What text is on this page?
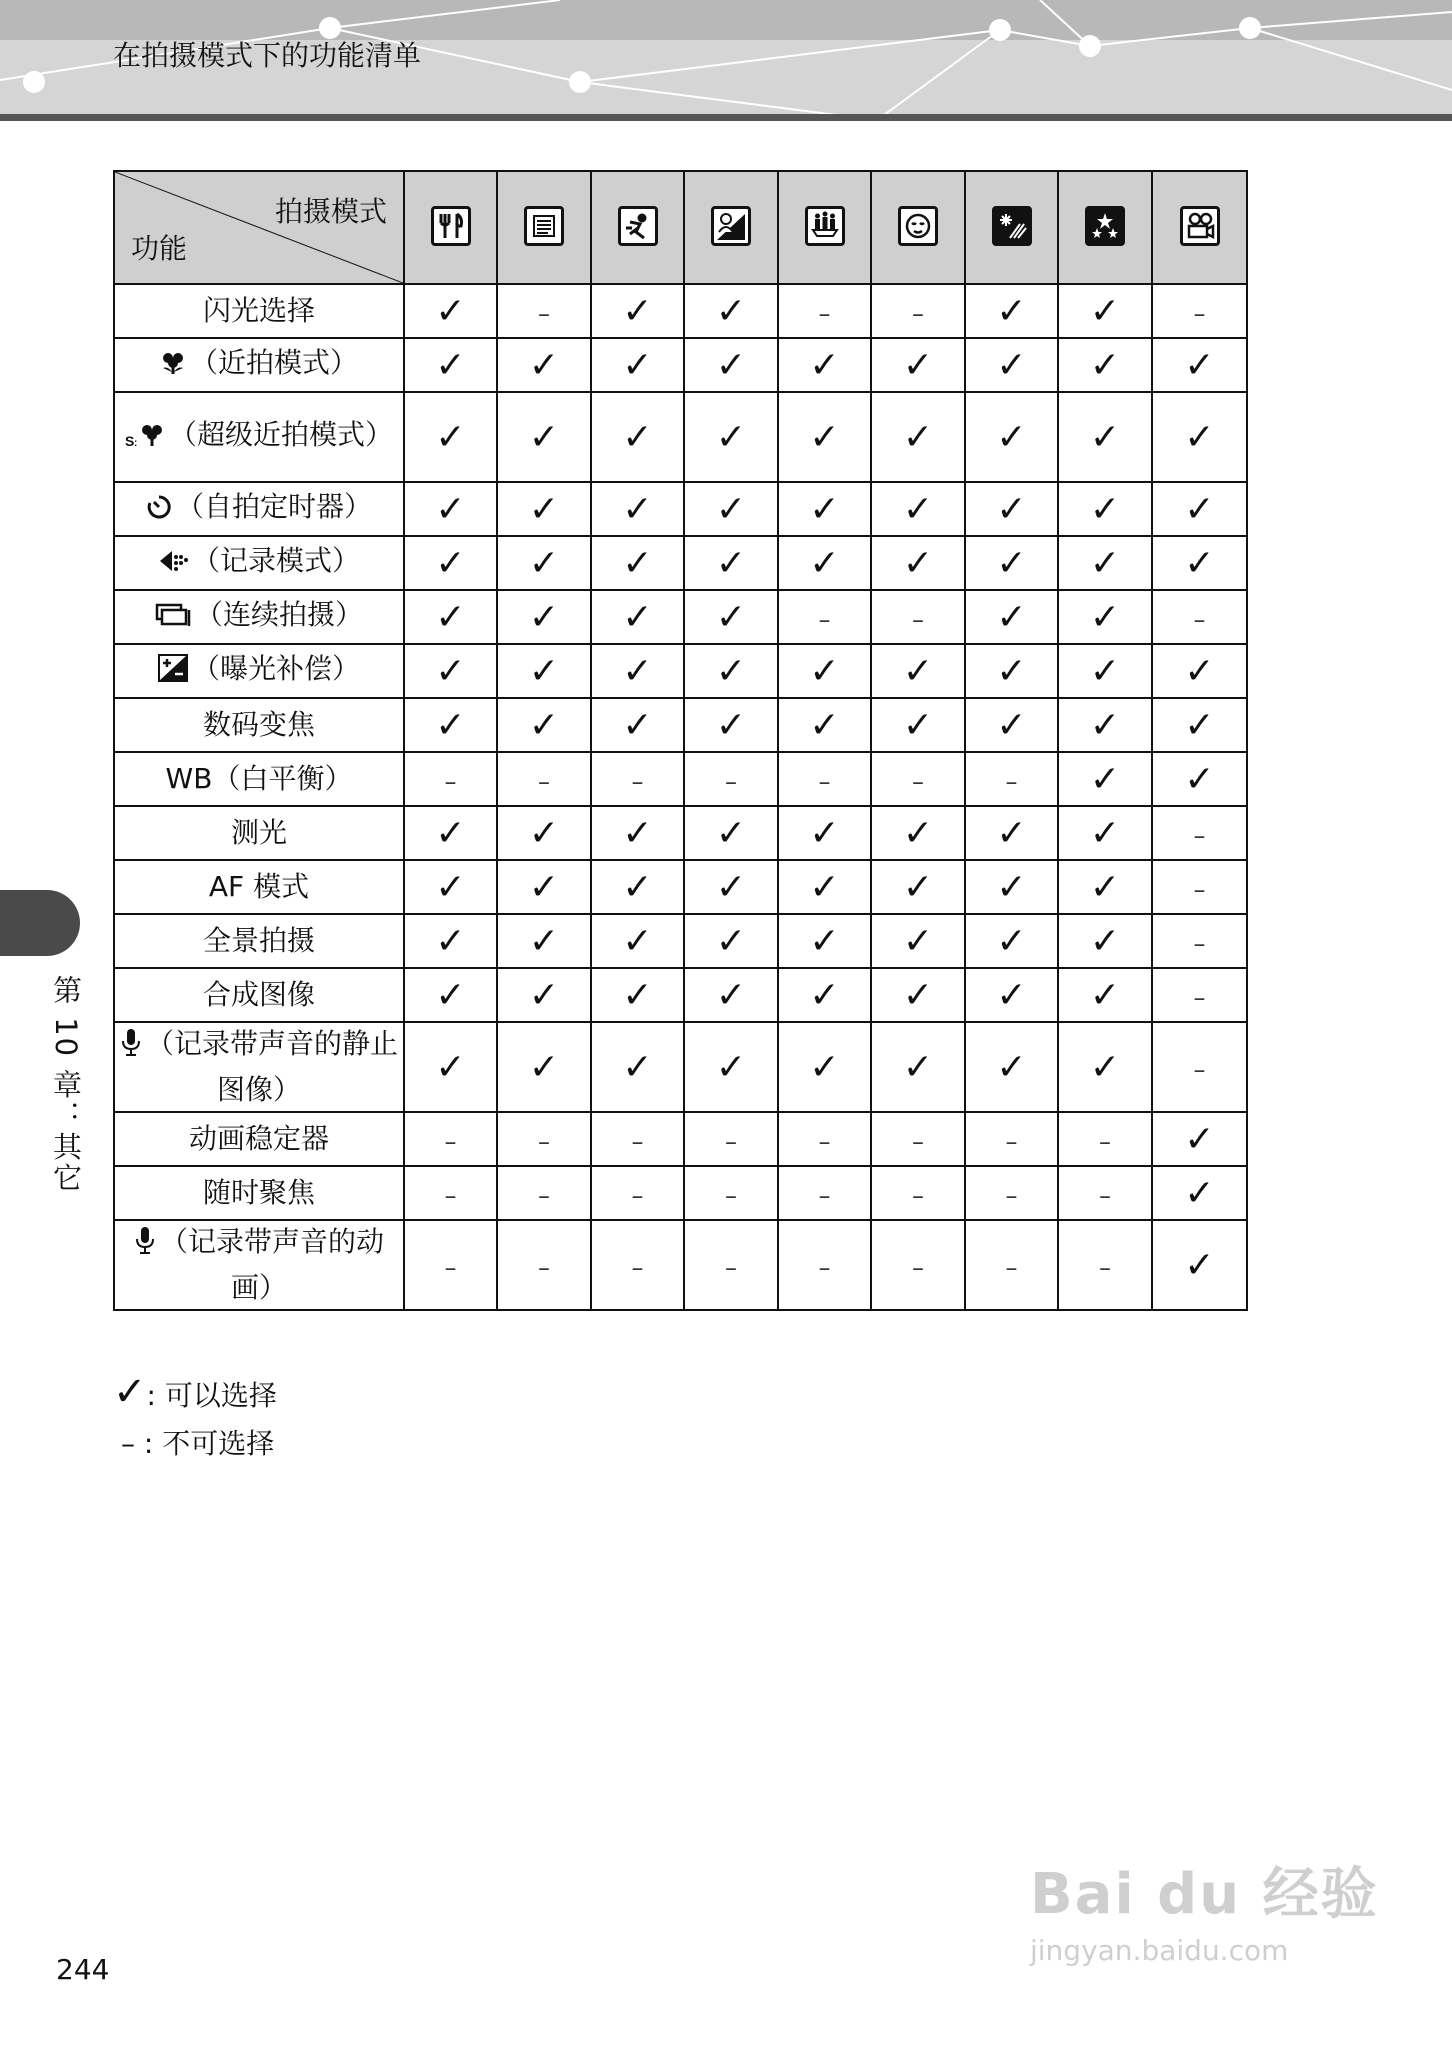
在拍摄模式下的功能清单
第 10 章：其它
拍摄模式
功能

闪光选择	✓	–	✓	✓	–	–	✓	✓	–
（近拍模式）	✓	✓	✓	✓	✓	✓	✓	✓	✓

S : （超级近拍模式）	✓	✓	✓	✓	✓	✓	✓	✓	✓
（自拍定时器）	✓	✓	✓	✓	✓	✓	✓	✓	✓
（记录模式）	✓	✓	✓	✓	✓	✓	✓	✓	✓
（连续拍摄）	✓	✓	✓	✓	–	–	✓	✓	–
（曝光补偿）	✓	✓	✓	✓	✓	✓	✓	✓	✓
数码变焦	✓	✓	✓	✓	✓	✓	✓	✓	✓
WB（白平衡）	–	–	–	–	–	–	–	✓	✓
测光	✓	✓	✓	✓	✓	✓	✓	✓	–
AF 模式	✓	✓	✓	✓	✓	✓	✓	✓	–
全景拍摄	✓	✓	✓	✓	✓	✓	✓	✓	–
合成图像	✓	✓	✓	✓	✓	✓	✓	✓	–
（记录带声音的静止图像）	✓	✓	✓	✓	✓	✓	✓	✓	–
动画稳定器	–	–	–	–	–	–	–	–	✓
随时聚焦	–	–	–	–	–	–	–	–	✓
（记录带声音的动画）	–	–	–	–	–	–	–	–	✓
✓: 可以选择
– : 不可选择
244
Bai du 经验
jingyan.baidu.com
